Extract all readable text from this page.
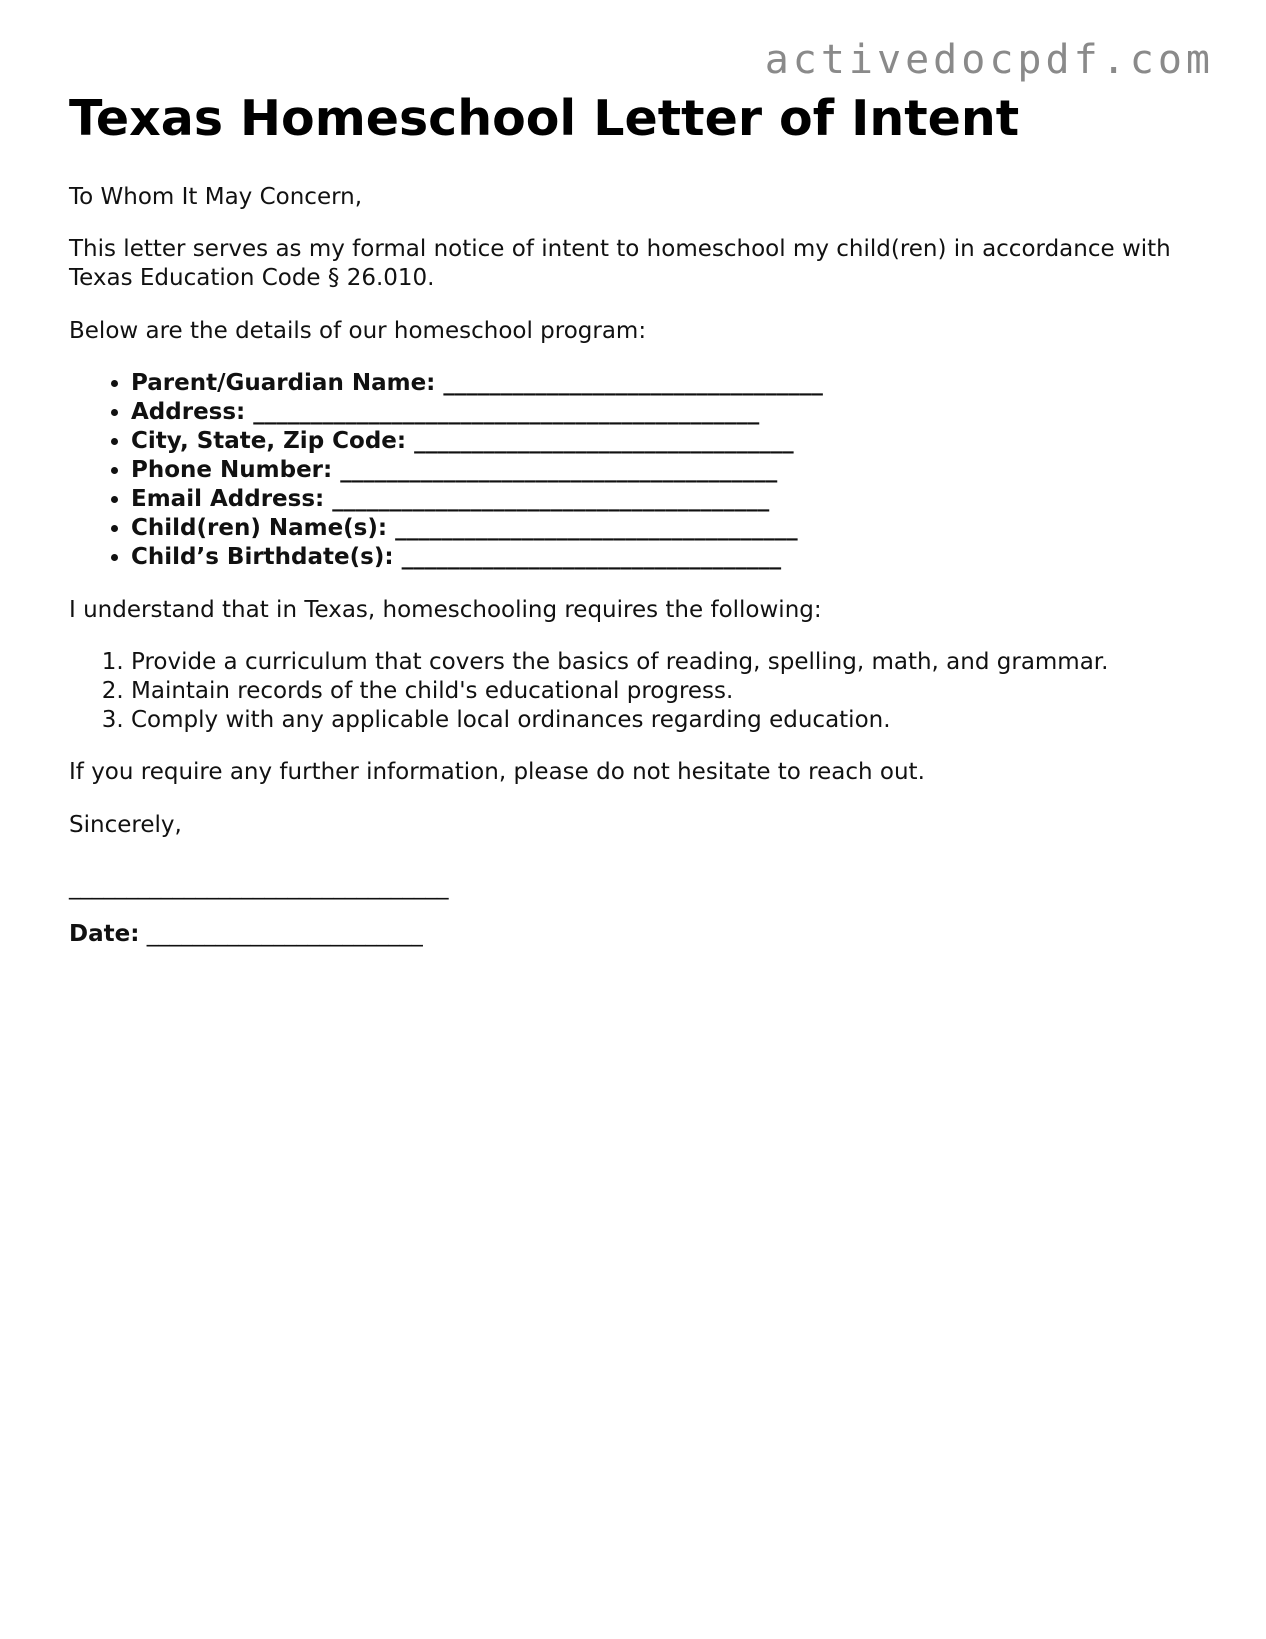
activedocpdf.com
Texas Homeschool Letter of Intent

To Whom It May Concern,

This letter serves as my formal notice of intent to homeschool my child(ren) in accordance with Texas Education Code § 26.010.

Below are the details of our homeschool program:

• Parent/Guardian Name: _________________________________
• Address: ____________________________________________
• City, State, Zip Code: _________________________________
• Phone Number: ______________________________________
• Email Address: ______________________________________
• Child(ren) Name(s): ___________________________________
• Child’s Birthdate(s): _________________________________

I understand that in Texas, homeschooling requires the following:

1. Provide a curriculum that covers the basics of reading, spelling, math, and grammar.
2. Maintain records of the child's educational progress.
3. Comply with any applicable local ordinances regarding education.

If you require any further information, please do not hesitate to reach out.

Sincerely,

_________________________________
Date: ________________________
